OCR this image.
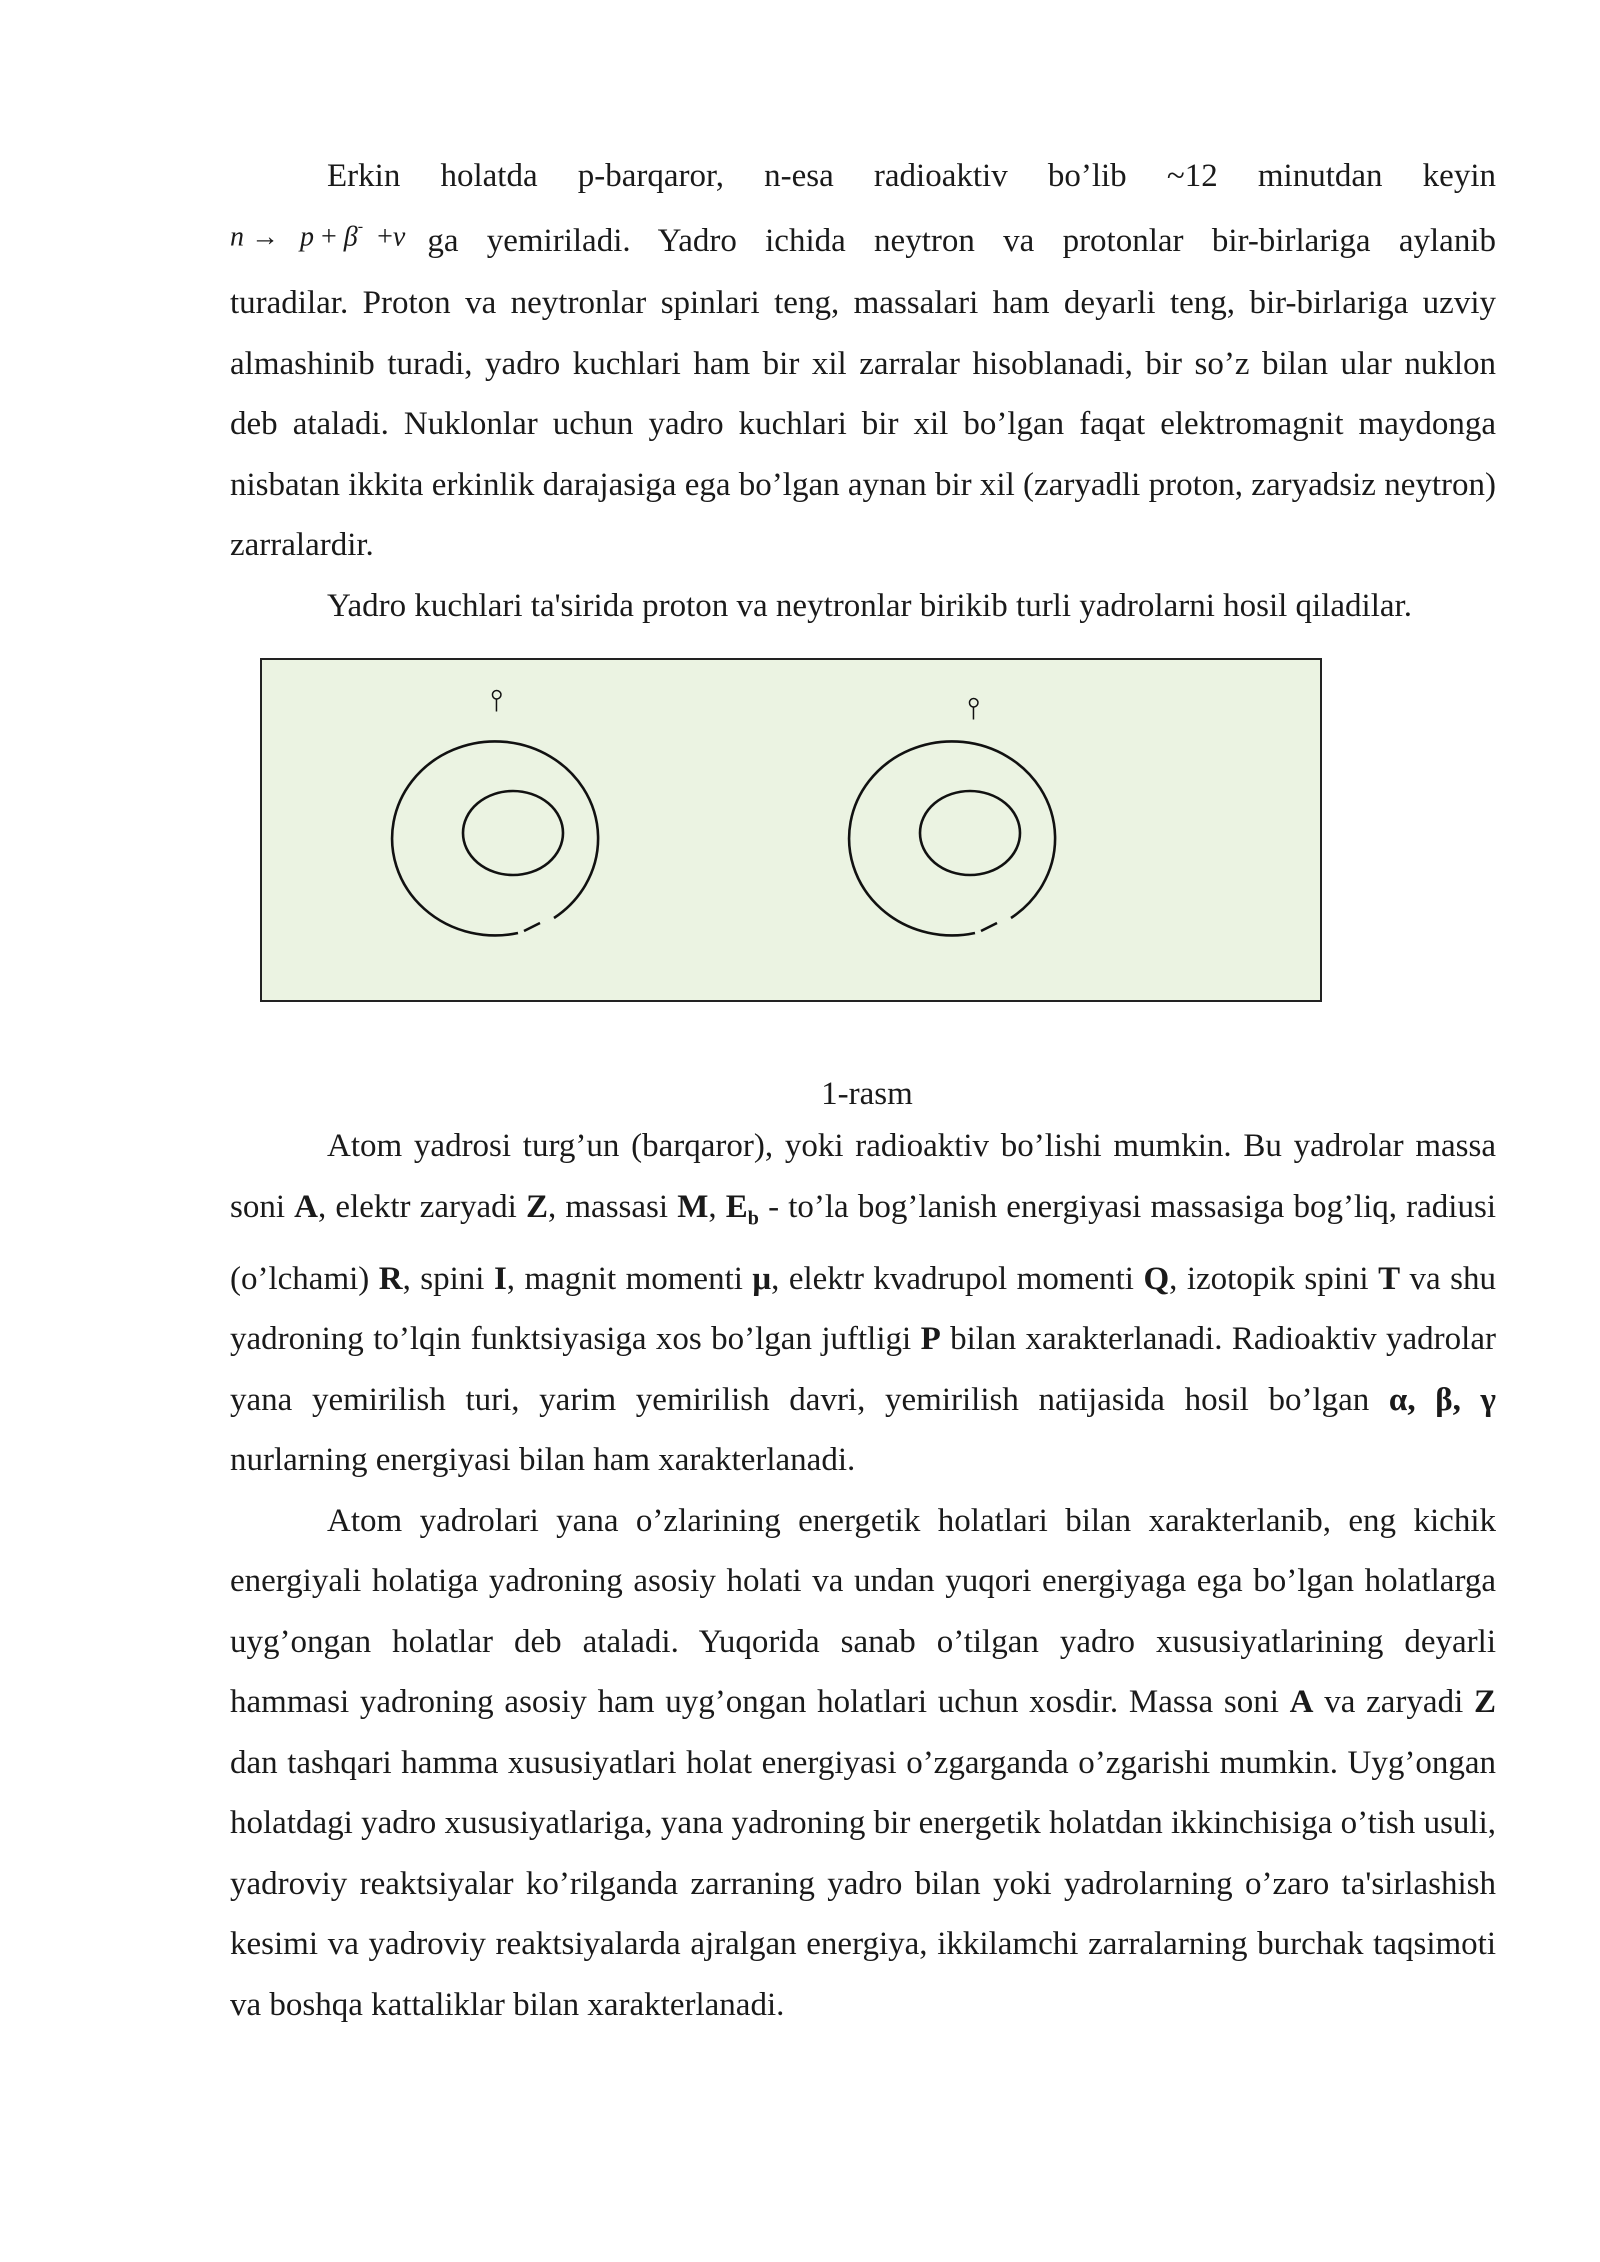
Erkin holatda p-barqaror, n-esa radioaktiv bo’lib ~12 minutdan keyin

n → p + β- +ν ga yemiriladi. Yadro ichida neytron va protonlar bir-birlariga aylanib

turadilar. Proton va neytronlar spinlari teng, massalari ham deyarli teng, bir-birlariga uzviy almashinib turadi, yadro kuchlari ham bir xil zarralar hisoblanadi, bir so’z bilan ular nuklon deb ataladi. Nuklonlar uchun yadro kuchlari bir xil bo’lgan faqat elektromagnit maydonga nisbatan ikkita erkinlik darajasiga ega bo’lgan aynan bir xil (zaryadli proton, zaryadsiz neytron) zarralardir.

Yadro kuchlari ta'sirida proton va neytronlar birikib turli yadrolarni hosil qiladilar.

⫯	⫯
1-rasm

Atom yadrosi turg’un (barqaror), yoki radioaktiv bo’lishi mumkin. Bu yadrolar massa soni A, elektr zaryadi Z, massasi M, $E_b$ - to’la bog’lanish energiyasi massasiga bog’liq, radiusi (o’lchami) R, spini I, magnit momenti μ, elektr kvadrupol momenti Q, izotopik spini T va shu yadroning to’lqin funktsiyasiga xos bo’lgan juftligi P bilan xarakterlanadi. Radioaktiv yadrolar yana yemirilish turi, yarim yemirilish davri, yemirilish natijasida hosil bo’lgan α, β, γ nurlarning energiyasi bilan ham xarakterlanadi.

Atom yadrolari yana o’zlarining energetik holatlari bilan xarakterlanib, eng kichik energiyali holatiga yadroning asosiy holati va undan yuqori energiyaga ega bo’lgan holatlarga uyg’ongan holatlar deb ataladi. Yuqorida sanab o’tilgan yadro xususiyatlarining deyarli hammasi yadroning asosiy ham uyg’ongan holatlari uchun xosdir. Massa soni A va zaryadi Z dan tashqari hamma xususiyatlari holat energiyasi o’zgarganda o’zgarishi mumkin. Uyg’ongan holatdagi yadro xususiyatlariga, yana yadroning bir energetik holatdan ikkinchisiga o’tish usuli, yadroviy reaktsiyalar ko’rilganda zarraning yadro bilan yoki yadrolarning o’zaro ta'sirlashish kesimi va yadroviy reaktsiyalarda ajralgan energiya, ikkilamchi zarralarning burchak taqsimoti va boshqa kattaliklar bilan xarakterlanadi.
